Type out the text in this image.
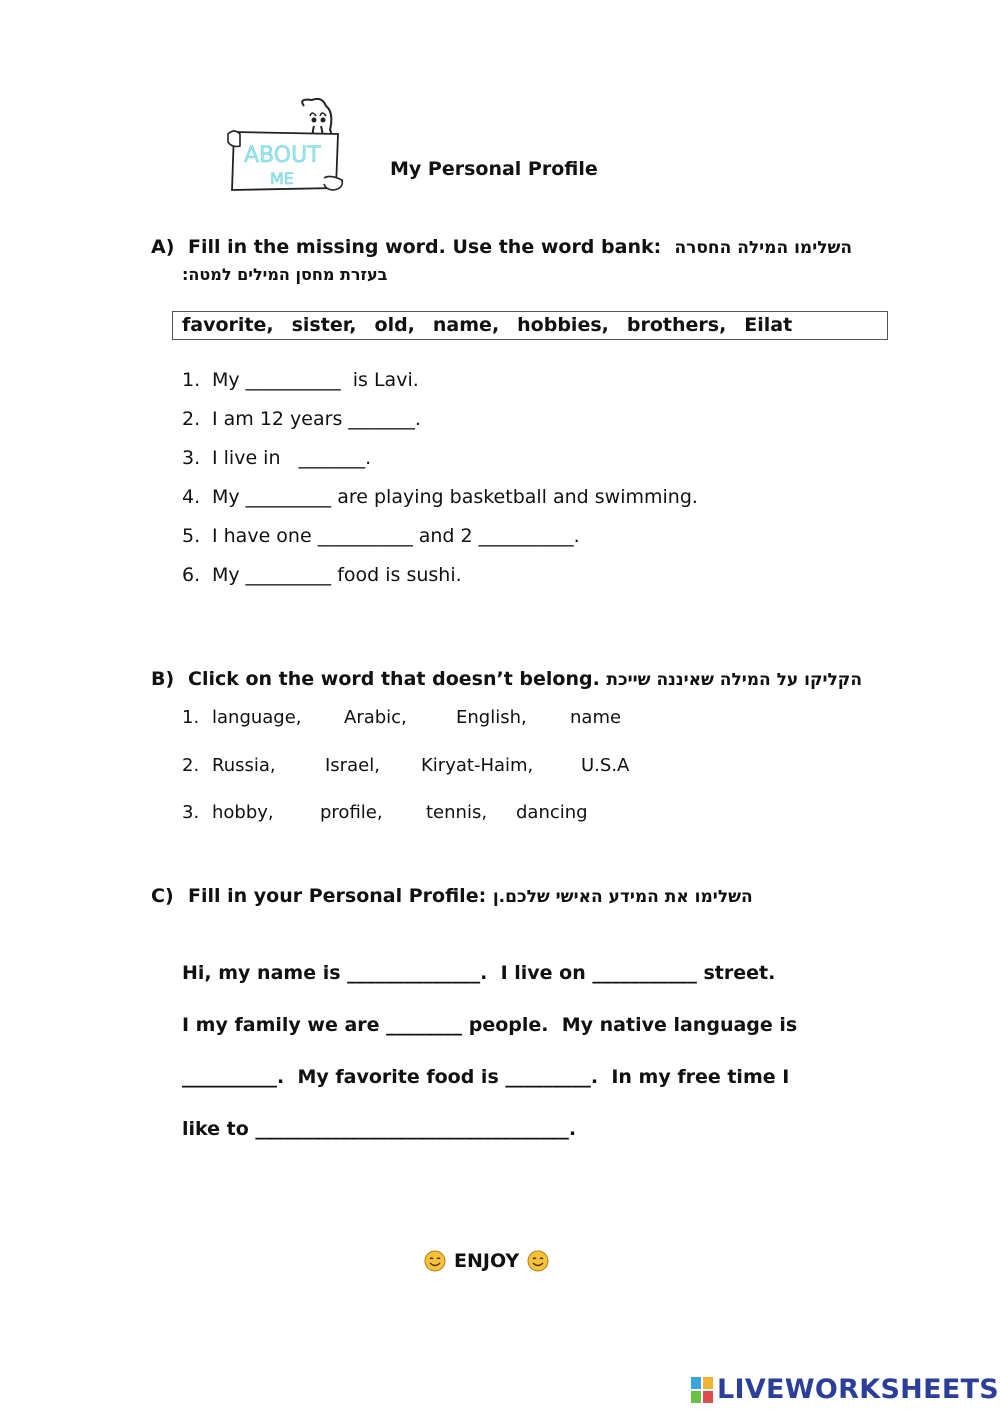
ABOUT
ME	My Personal Profile
A) Fill in the missing word. Use the word bank: השלימו המילה החסרה
בעזרת מחסן המילים למטה:
favorite, sister, old, name, hobbies, brothers, Eilat
1. My __________  is Lavi.
2. I am 12 years _______.
3. I live in   _______.
4. My _________ are playing basketball and swimming.
5. I have one __________ and 2 __________.
6. My _________ food is sushi.
B) Click on the word that doesn’t belong. הקליקו על המילה שאיננה שייכת
1. language, Arabic,	English, name
2. Russia,	Israel, Kiryat-Haim,	U.S.A
3. hobby,	profile, tennis, dancing
C) Fill in your Personal Profile: השלימו את המידע האישי שלכם.ן
Hi, my name is ______________.  I live on ___________ street.
I my family we are ________ people.  My native language is
__________.  My favorite food is _________.  In my free time I
like to _________________________________.
ENJOY
LIVEWORKSHEETS
